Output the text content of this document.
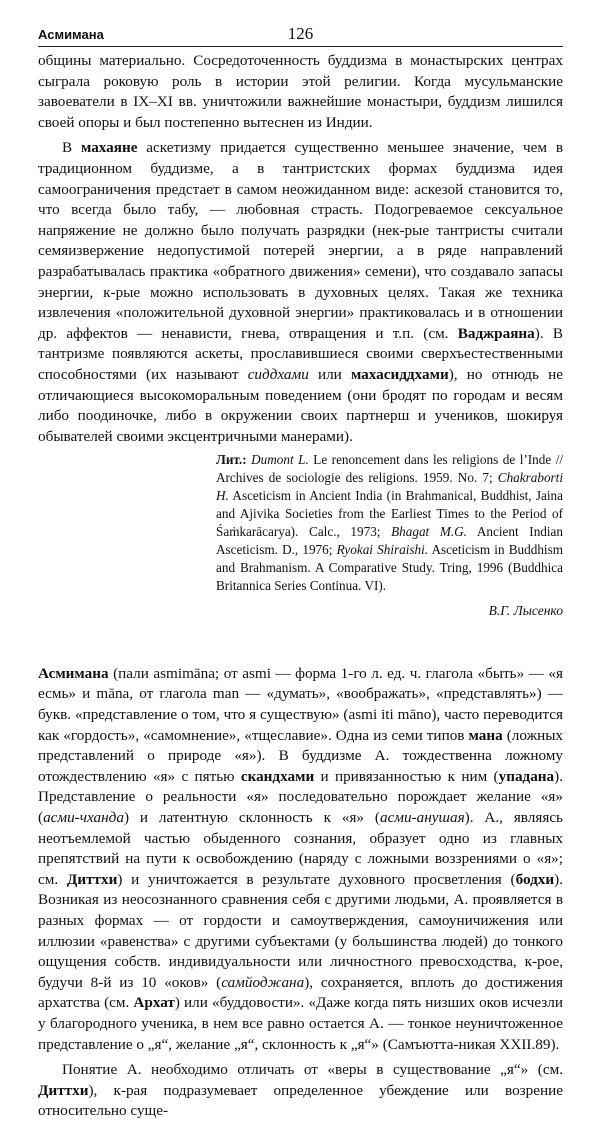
Асмимана	126

общины материально. Сосредоточенность буддизма в монастырских центрах сыграла роковую роль в истории этой религии. Когда мусульманские завоеватели в IX–XI вв. уничтожили важнейшие монастыри, буддизм лишился своей опоры и был постепенно вытеснен из Индии.

В махаяне аскетизму придается существенно меньшее значение, чем в традиционном буддизме, а в тантристских формах буддизма идея самоограничения предстает в самом неожиданном виде: аскезой становится то, что всегда было табу, — любовная страсть. Подогреваемое сексуальное напряжение не должно было получать разрядки (нек-рые тантристы считали семяизвержение недопустимой потерей энергии, а в ряде направлений разрабатывалась практика «обратного движения» семени), что создавало запасы энергии, к-рые можно использовать в духовных целях. Такая же техника извлечения «положительной духовной энергии» практиковалась и в отношении др. аффектов — ненависти, гнева, отвращения и т.п. (см. Ваджраяна). В тантризме появляются аскеты, прославившиеся своими сверхъестественными способностями (их называют сиддхами или махасиддхами), но отнюдь не отличающиеся высокоморальным поведением (они бродят по городам и весям либо поодиночке, либо в окружении своих партнерш и учеников, шокируя обывателей своими эксцентричными манерами).

Лит.: Dumont L. Le renoncement dans les religions de l’Inde // Archives de sociologie des religions. 1959. No. 7; Chakraborti H. Asceticism in Ancient India (in Brahmanical, Buddhist, Jaina and Ajivika Societies from the Earliest Times to the Period of Śaṁkarācarya). Calc., 1973; Bhagat M.G. Ancient Indian Asceticism. D., 1976; Ryokai Shiraishi. Asceticism in Buddhism and Brahmanism. A Comparative Study. Tring, 1996 (Buddhica Britannica Series Continua. VI).

В.Г. Лысенко

Асмимана (пали asmimāna; от asmi — форма 1-го л. ед. ч. глагола «быть» — «я есмь» и māna, от глагола man — «думать», «воображать», «представлять») — букв. «представление о том, что я существую» (asmi iti māno), часто переводится как «гордость», «самомнение», «тщеславие». Одна из семи типов мана (ложных представлений о природе «я»). В буддизме А. тождественна ложному отождествлению «я» с пятью скандхами и привязанностью к ним (упадана). Представление о реальности «я» последовательно порождает желание «я» (асми-чханда) и латентную склонность к «я» (асми-анушая). А., являясь неотъемлемой частью обыденного сознания, образует одно из главных препятствий на пути к освобождению (наряду с ложными воззрениями о «я»; см. Диттхи) и уничтожается в результате духовного просветления (бодхи). Возникая из неосознанного сравнения себя с другими людьми, А. проявляется в разных формах — от гордости и самоутверждения, самоуничижения или иллюзии «равенства» с другими субъектами (у большинства людей) до тонкого ощущения собств. индивидуальности или личностного превосходства, к-рое, будучи 8-й из 10 «оков» (самйоджана), сохраняется, вплоть до достижения архатства (см. Архат) или «буддовости». «Даже когда пять низших оков исчезли у благородного ученика, в нем все равно остается А. — тонкое неуничтоженное представление о „я“, желание „я“, склонность к „я“» (Самъютта-никая XXII.89).

Понятие А. необходимо отличать от «веры в существование „я“» (см. Диттхи), к-рая подразумевает определенное убеждение или возрение относительно суще-
